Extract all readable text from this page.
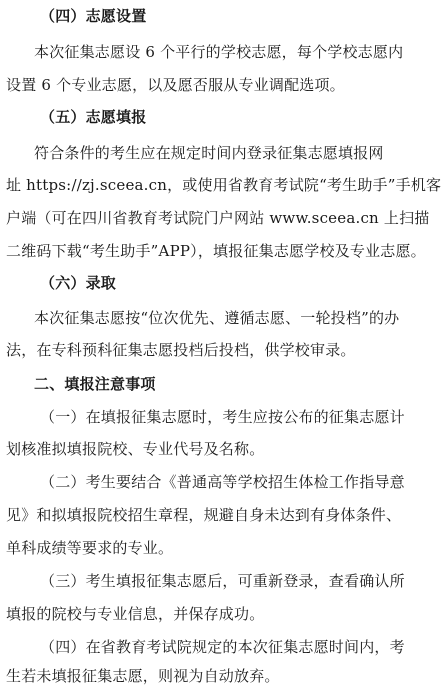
（四）志愿设置
本次征集志愿设 6 个平行的学校志愿，每个学校志愿内
设置 6 个专业志愿，以及愿否服从专业调配选项。
（五）志愿填报
符合条件的考生应在规定时间内登录征集志愿填报网
址 https://zj.sceea.cn，或使用省教育考试院“考生助手”手机客
户端（可在四川省教育考试院门户网站 www.sceea.cn 上扫描
二维码下载“考生助手”APP），填报征集志愿学校及专业志愿。
（六）录取
本次征集志愿按“位次优先、遵循志愿、一轮投档”的办
法，在专科预科征集志愿投档后投档，供学校审录。
二、填报注意事项
（一）在填报征集志愿时，考生应按公布的征集志愿计
划核准拟填报院校、专业代号及名称。
（二）考生要结合《普通高等学校招生体检工作指导意
见》和拟填报院校招生章程，规避自身未达到有身体条件、
单科成绩等要求的专业。
（三）考生填报征集志愿后，可重新登录，查看确认所
填报的院校与专业信息，并保存成功。
（四）在省教育考试院规定的本次征集志愿时间内，考
生若未填报征集志愿，则视为自动放弃。
